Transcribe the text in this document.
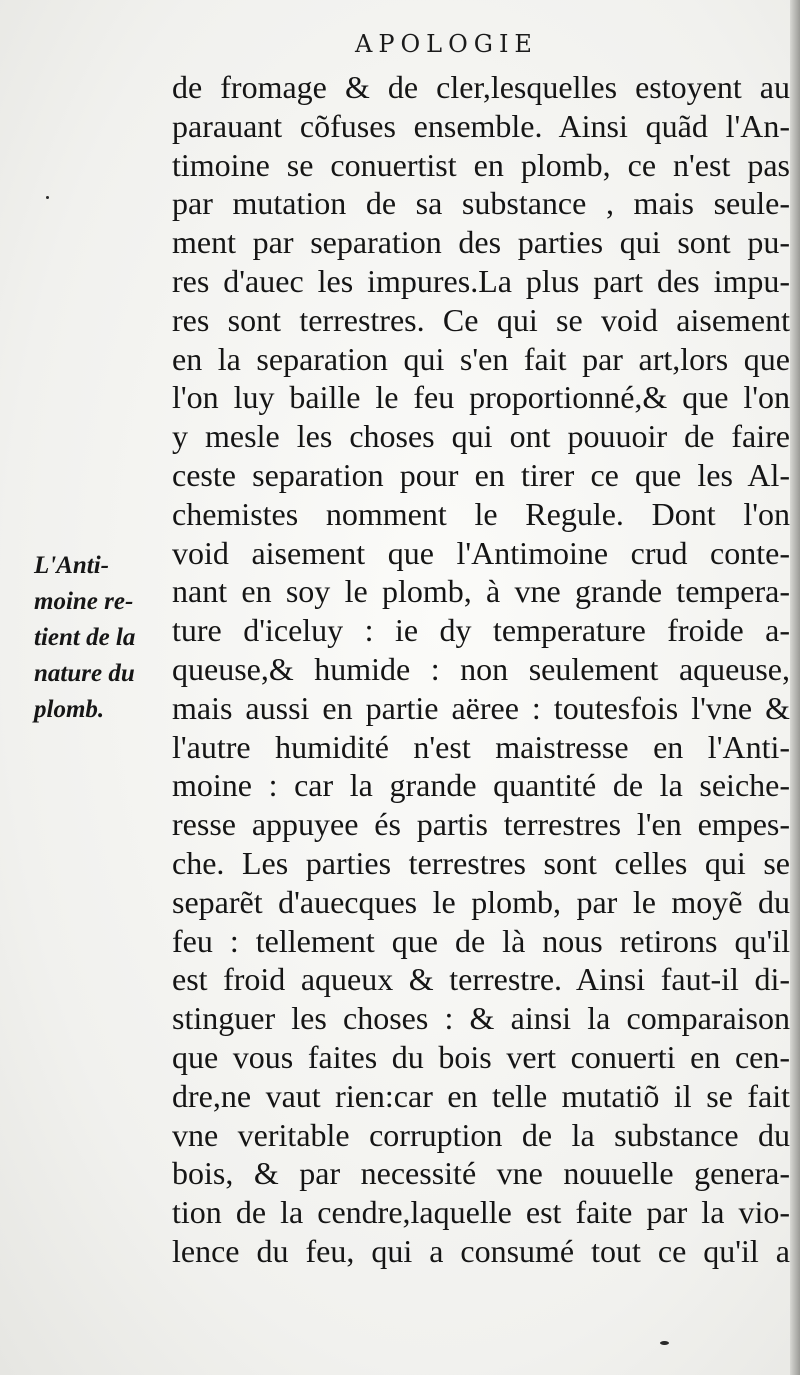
APOLOGIE
L'Anti-
moine re-
tient de la
nature du
plomb.
de fromage & de cler,lesquelles estoyent au
parauant cõfuses ensemble. Ainsi quãd l'An-
timoine se conuertist en plomb, ce n'est pas
par mutation de sa substance , mais seule-
ment par separation des parties qui sont pu-
res d'auec les impures.La plus part des impu-
res sont terrestres. Ce qui se void aisement
en la separation qui s'en fait par art,lors que
l'on luy baille le feu proportionné,& que l'on
y mesle les choses qui ont pouuoir de faire
ceste separation pour en tirer ce que les Al-
chemistes nomment le Regule. Dont l'on
void aisement que l'Antimoine crud conte-
nant en soy le plomb, à vne grande tempera-
ture d'iceluy : ie dy temperature froide a-
queuse,& humide : non seulement aqueuse,
mais aussi en partie aëree : toutesfois l'vne &
l'autre humidité n'est maistresse en l'Anti-
moine : car la grande quantité de la seiche-
resse appuyee és partis terrestres l'en empes-
che. Les parties terrestres sont celles qui se
separẽt d'auecques le plomb, par le moyẽ du
feu : tellement que de là nous retirons qu'il
est froid aqueux & terrestre. Ainsi faut-il di-
stinguer les choses : & ainsi la comparaison
que vous faites du bois vert conuerti en cen-
dre,ne vaut rien:car en telle mutatiõ il se fait
vne veritable corruption de la substance du
bois, & par necessité vne nouuelle genera-
tion de la cendre,laquelle est faite par la vio-
lence du feu, qui a consumé tout ce qu'il a
